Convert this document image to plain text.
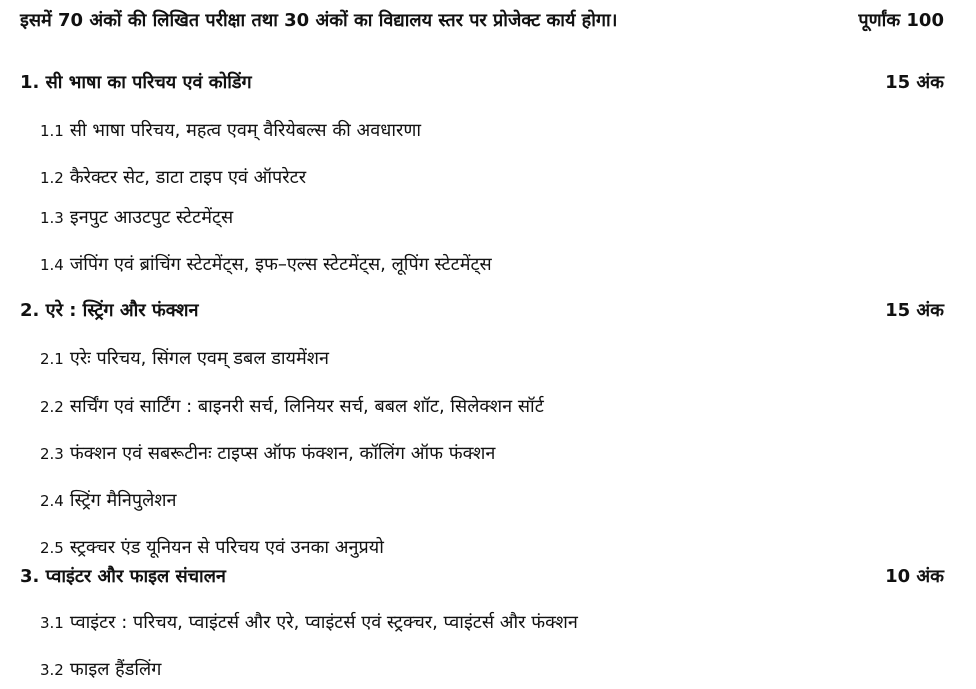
इसमें 70 अंकों की लिखित परीक्षा तथा 30 अंकों का विद्यालय स्तर पर प्रोजेक्ट कार्य होगा।	पूर्णांक 100
1. सी भाषा का परिचय एवं कोडिंग	15 अंक
1.1 सी भाषा परिचय, महत्व एवम् वैरियेबल्स की अवधारणा
1.2 कैरेक्टर सेट, डाटा टाइप एवं ऑपरेटर
1.3 इनपुट आउटपुट स्टेटमेंट्स
1.4 जंपिंग एवं ब्रांचिंग स्टेटमेंट्स, इफ–एल्स स्टेटमेंट्स, लूपिंग स्टेटमेंट्स
2. एरे : स्ट्रिंग और फंक्शन	15 अंक
2.1 एरेः परिचय, सिंगल एवम् डबल डायमेंशन
2.2 सर्चिंग एवं सार्टिंग : बाइनरी सर्च, लिनियर सर्च, बबल शॉट, सिलेक्शन सॉर्ट
2.3 फंक्शन एवं सबरूटीनः टाइप्स ऑफ फंक्शन, कॉलिंग ऑफ फंक्शन
2.4 स्ट्रिंग मैनिपुलेशन
2.5 स्ट्रक्चर एंड यूनियन से परिचय एवं उनका अनुप्रयो
3. प्वाइंटर और फाइल संचालन	10 अंक
3.1 प्वाइंटर : परिचय, प्वाइंटर्स और एरे, प्वाइंटर्स एवं स्ट्रक्चर, प्वाइंटर्स और फंक्शन
3.2 फाइल हैंडलिंग
